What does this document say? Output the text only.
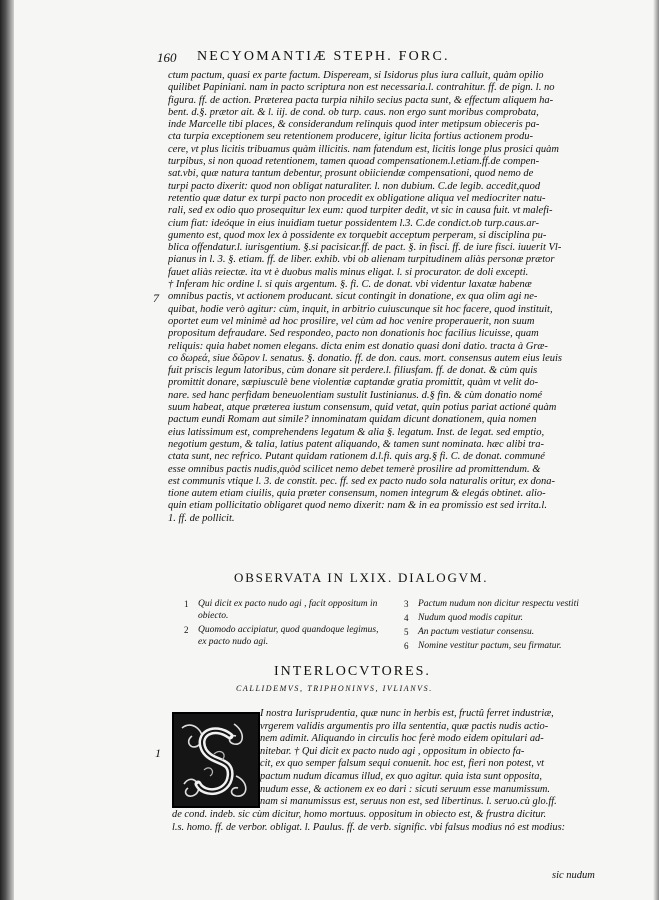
160 NECYOMANTIÆ STEPH. FORC.
ctum pactum, quasi ex parte factum. Dispeream, si Isidorus plus iura calluit, quàm opilio
quilibet Papiniani. nam in pacto scriptura non est necessaria.l. contrahitur. ff. de pign. l. no
figura. ff. de action. Præterea pacta turpia nihilo secius pacta sunt, & effectum aliquem ha-
bent. d.§. prætor ait. & l. iij. de cond. ob turp. caus. non ergo sunt moribus comprobata,
inde Marcelle tibi places, & considerandum relinquis quod inter metipsum obieceris pa-
cta turpia exceptionem seu retentionem producere, igitur licita fortius actionem produ-
cere, vt plus licitis tribuamus quàm illicitis. nam fatendum est, licitis longe plus prosici quàm
turpibus, si non quoad retentionem, tamen quoad compensationem.l.etiam.ff.de compen-
sat.vbi, quæ natura tantum debentur, prosunt obiiciendæ compensationi, quod nemo de
turpi pacto dixerit: quod non obligat naturaliter. l. non dubium. C.de legib. accedit,quod
retentio quæ datur ex turpi pacto non procedit ex obligatione aliqua vel mediocriter natu-
rali, sed ex odio quo prosequitur lex eum: quod turpiter dedit, vt sic in causa fuit. vt malefi-
cium fiat: ideóque in eius inuidiam tuetur possidentem l.3. C.de condict.ob turp.caus.ar-
gumento est, quod mox lex à possidente ex torquebit acceptum perperam, si disciplina pu-
blica offendatur.l. iurisgentium. §.si pacisicar.ff. de pact. §. in fisci. ff. de iure fisci. iuuerit Vl-
pianus in l. 3. §. etiam. ff. de liber. exhib. vbi ob alienam turpitudinem aliàs personæ prætor
fauet aliàs reiectæ. ita vt è duobus malis minus eligat. l. si procurator. de doli excepti.
† Inferam hic ordine l. si quis argentum. §. fi. C. de donat. vbi videntur laxatæ habenæ
omnibus pactis, vt actionem producant. sicut contingit in donatione, ex qua olim agi ne-
quibat, hodie verò agitur: cùm, inquit, in arbitrio cuiuscunque sit hoc facere, quod instituit,
oportet eum vel minimè ad hoc prosilire, vel cùm ad hoc venire properauerit, non suum
propositum defraudare. Sed respondeo, pacto non donationis hoc facilius licuisse, quam
reliquis: quia habet nomen elegans. dicta enim est donatio quasi doni datio. tracta à Græ-
co δωρεά, siue δῶρον l. senatus. §. donatio. ff. de don. caus. mort. consensus autem eius leuis
fuit priscis legum latoribus, cùm donare sit perdere.l. filiusfam. ff. de donat. & cùm quis
promittit donare, sæpiusculè bene violentiæ captandæ gratia promittit, quàm vt velit do-
nare. sed hanc perfidam beneuolentiam sustulit Iustinianus. d.§ fin. & cùm donatio nomé
suum habeat, atque præterea iustum consensum, quid vetat, quin potius pariat actioné quàm
pactum eundi Romam aut simile? innominatam quidam dicunt donationem, quia nomen
eius latissimum est, comprehendens legatum & alia §. legatum. Inst. de legat. sed emptio,
negotium gestum, & talia, latius patent aliquando, & tamen sunt nominata. hæc alibi tra-
ctata sunt, nec refrico. Putant quidam rationem d.l.fi. quis arg.§ fi. C. de donat. communé
esse omnibus pactis nudis,quòd scilicet nemo debet temerè prosilire ad promittendum. &
est communis vtique l. 3. de constit. pec. ff. sed ex pacto nudo sola naturalis oritur, ex dona-
tione autem etiam ciuilis, quia præter consensum, nomen integrum & elegás obtinet. alio-
quin etiam pollicitatio obligaret quod nemo dixerit: nam & in ea promissio est sed irrita.l.
1. ff. de pollicit.
7
OBSERVATA IN LXIX. DIALOGVM.
1 Qui dicit ex pacto nudo agi , facit oppositum in obiecto.
2 Quomodo accipiatur, quod quandoque legimus, ex pacto nudo agi.
3 Pactum nudum non dicitur respectu vestiti
4 Nudum quod modis capitur.
5 An pactum vestiatur consensu.
6 Nomine vestitur pactum, seu firmatur.
INTERLOCVTORES.
CALLIDEMVS, TRIPHONINVS, IVLIANVS.
1
I nostra Iurisprudentia, quæ nunc in herbis est, fructû ferret industriæ,
vrgerem validis argumentis pro illa sententia, quæ pactis nudis actio-
nem adimit. Aliquando in circulis hoc ferè modo eidem opitulari ad-
nitebar. † Qui dicit ex pacto nudo agi , oppositum in obiecto fa-
cit, ex quo semper falsum sequi conuenit. hoc est, fieri non potest, vt
pactum nudum dicamus illud, ex quo agitur. quia ista sunt opposita,
nudum esse, & actionem ex eo dari : sicuti seruum esse manumissum.
nam si manumissus est, seruus non est, sed libertinus. l. seruo.cù glo.ff.
de cond. indeb. sic cùm dicitur, homo mortuus. oppositum in obiecto est, & frustra dicitur.
l.s. homo. ff. de verbor. obligat. l. Paulus. ff. de verb. signific. vbi falsus modius nó est modius:
sic nudum
